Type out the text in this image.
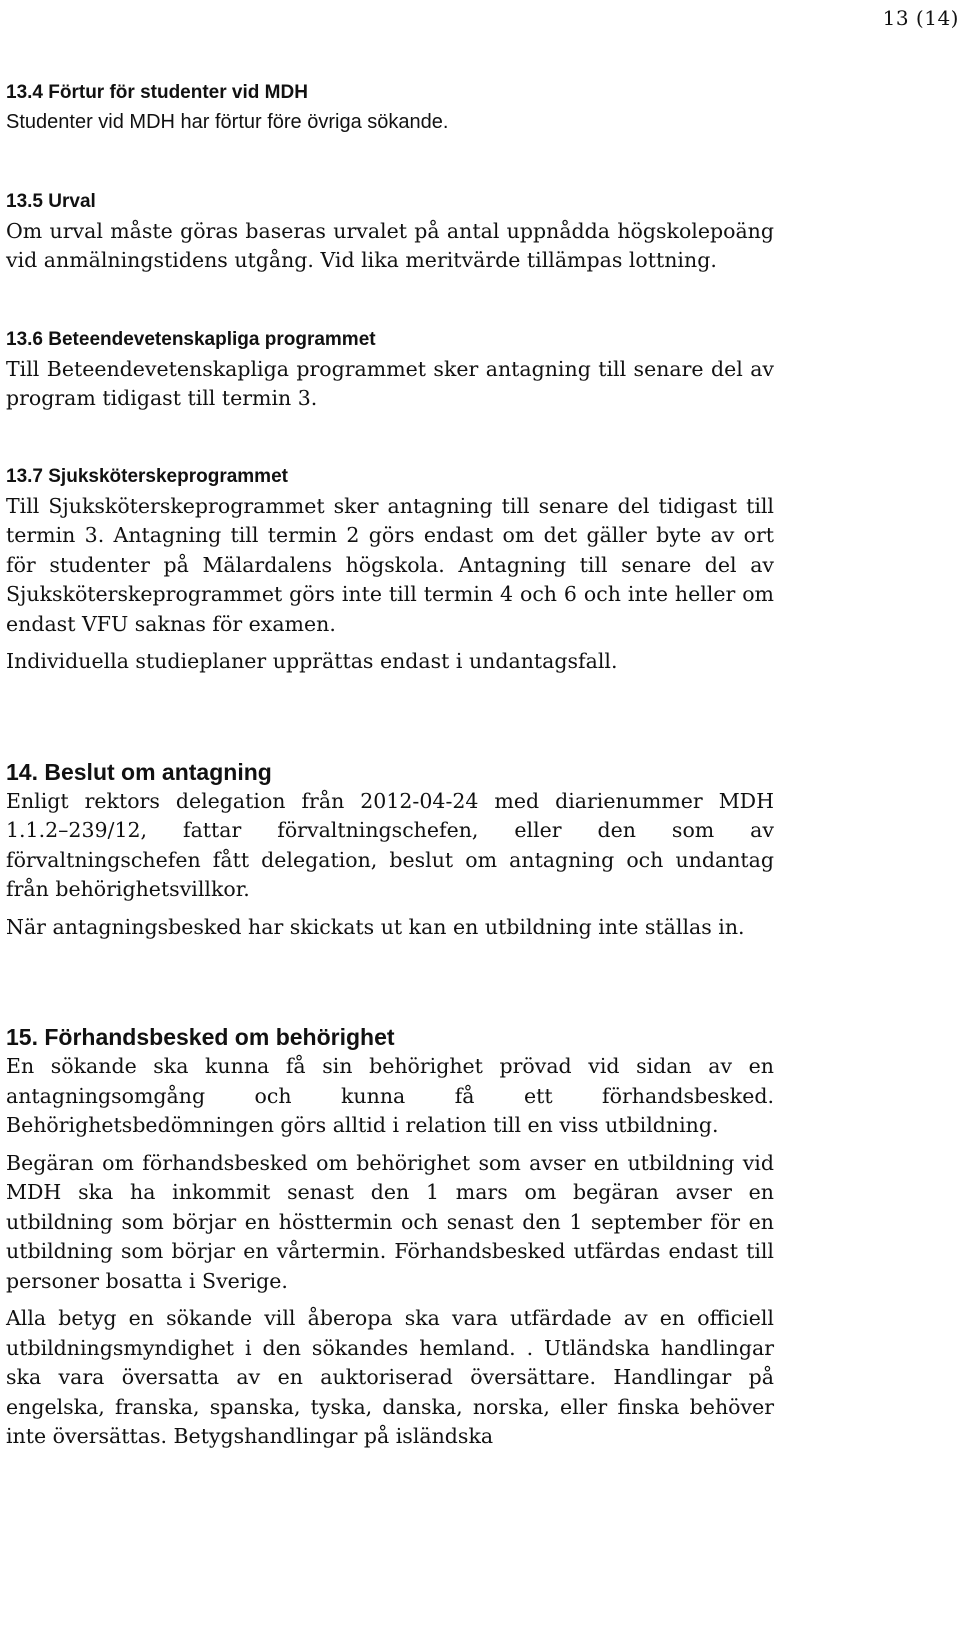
13 (14)
13.4 Förtur för studenter vid MDH

Studenter vid MDH har förtur före övriga sökande.

13.5 Urval

Om urval måste göras baseras urvalet på antal uppnådda högskolepoäng vid anmälningstidens utgång. Vid lika meritvärde tillämpas lottning.

13.6 Beteendevetenskapliga programmet

Till Beteendevetenskapliga programmet sker antagning till senare del av program tidigast till termin 3.

13.7 Sjuksköterskeprogrammet

Till Sjuksköterskeprogrammet sker antagning till senare del tidigast till termin 3. Antagning till termin 2 görs endast om det gäller byte av ort för studenter på Mälardalens högskola. Antagning till senare del av Sjuksköterskeprogrammet görs inte till termin 4 och 6 och inte heller om endast VFU saknas för examen.

Individuella studieplaner upprättas endast i undantagsfall.

14. Beslut om antagning

Enligt rektors delegation från 2012-04-24 med diarienummer MDH 1.1.2–239/12, fattar förvaltningschefen, eller den som av förvaltningschefen fått delegation, beslut om antagning och undantag från behörighetsvillkor.

När antagningsbesked har skickats ut kan en utbildning inte ställas in.

15. Förhandsbesked om behörighet

En sökande ska kunna få sin behörighet prövad vid sidan av en antagningsomgång och kunna få ett förhandsbesked. Behörighetsbedömningen görs alltid i relation till en viss utbildning.

Begäran om förhandsbesked om behörighet som avser en utbildning vid MDH ska ha inkommit senast den 1 mars om begäran avser en utbildning som börjar en hösttermin och senast den 1 september för en utbildning som börjar en vårtermin. Förhandsbesked utfärdas endast till personer bosatta i Sverige.

Alla betyg en sökande vill åberopa ska vara utfärdade av en officiell utbildningsmyndighet i den sökandes hemland. . Utländska handlingar ska vara översatta av en auktoriserad översättare. Handlingar på engelska, franska, spanska, tyska, danska, norska, eller finska behöver inte översättas. Betygshandlingar på isländska
